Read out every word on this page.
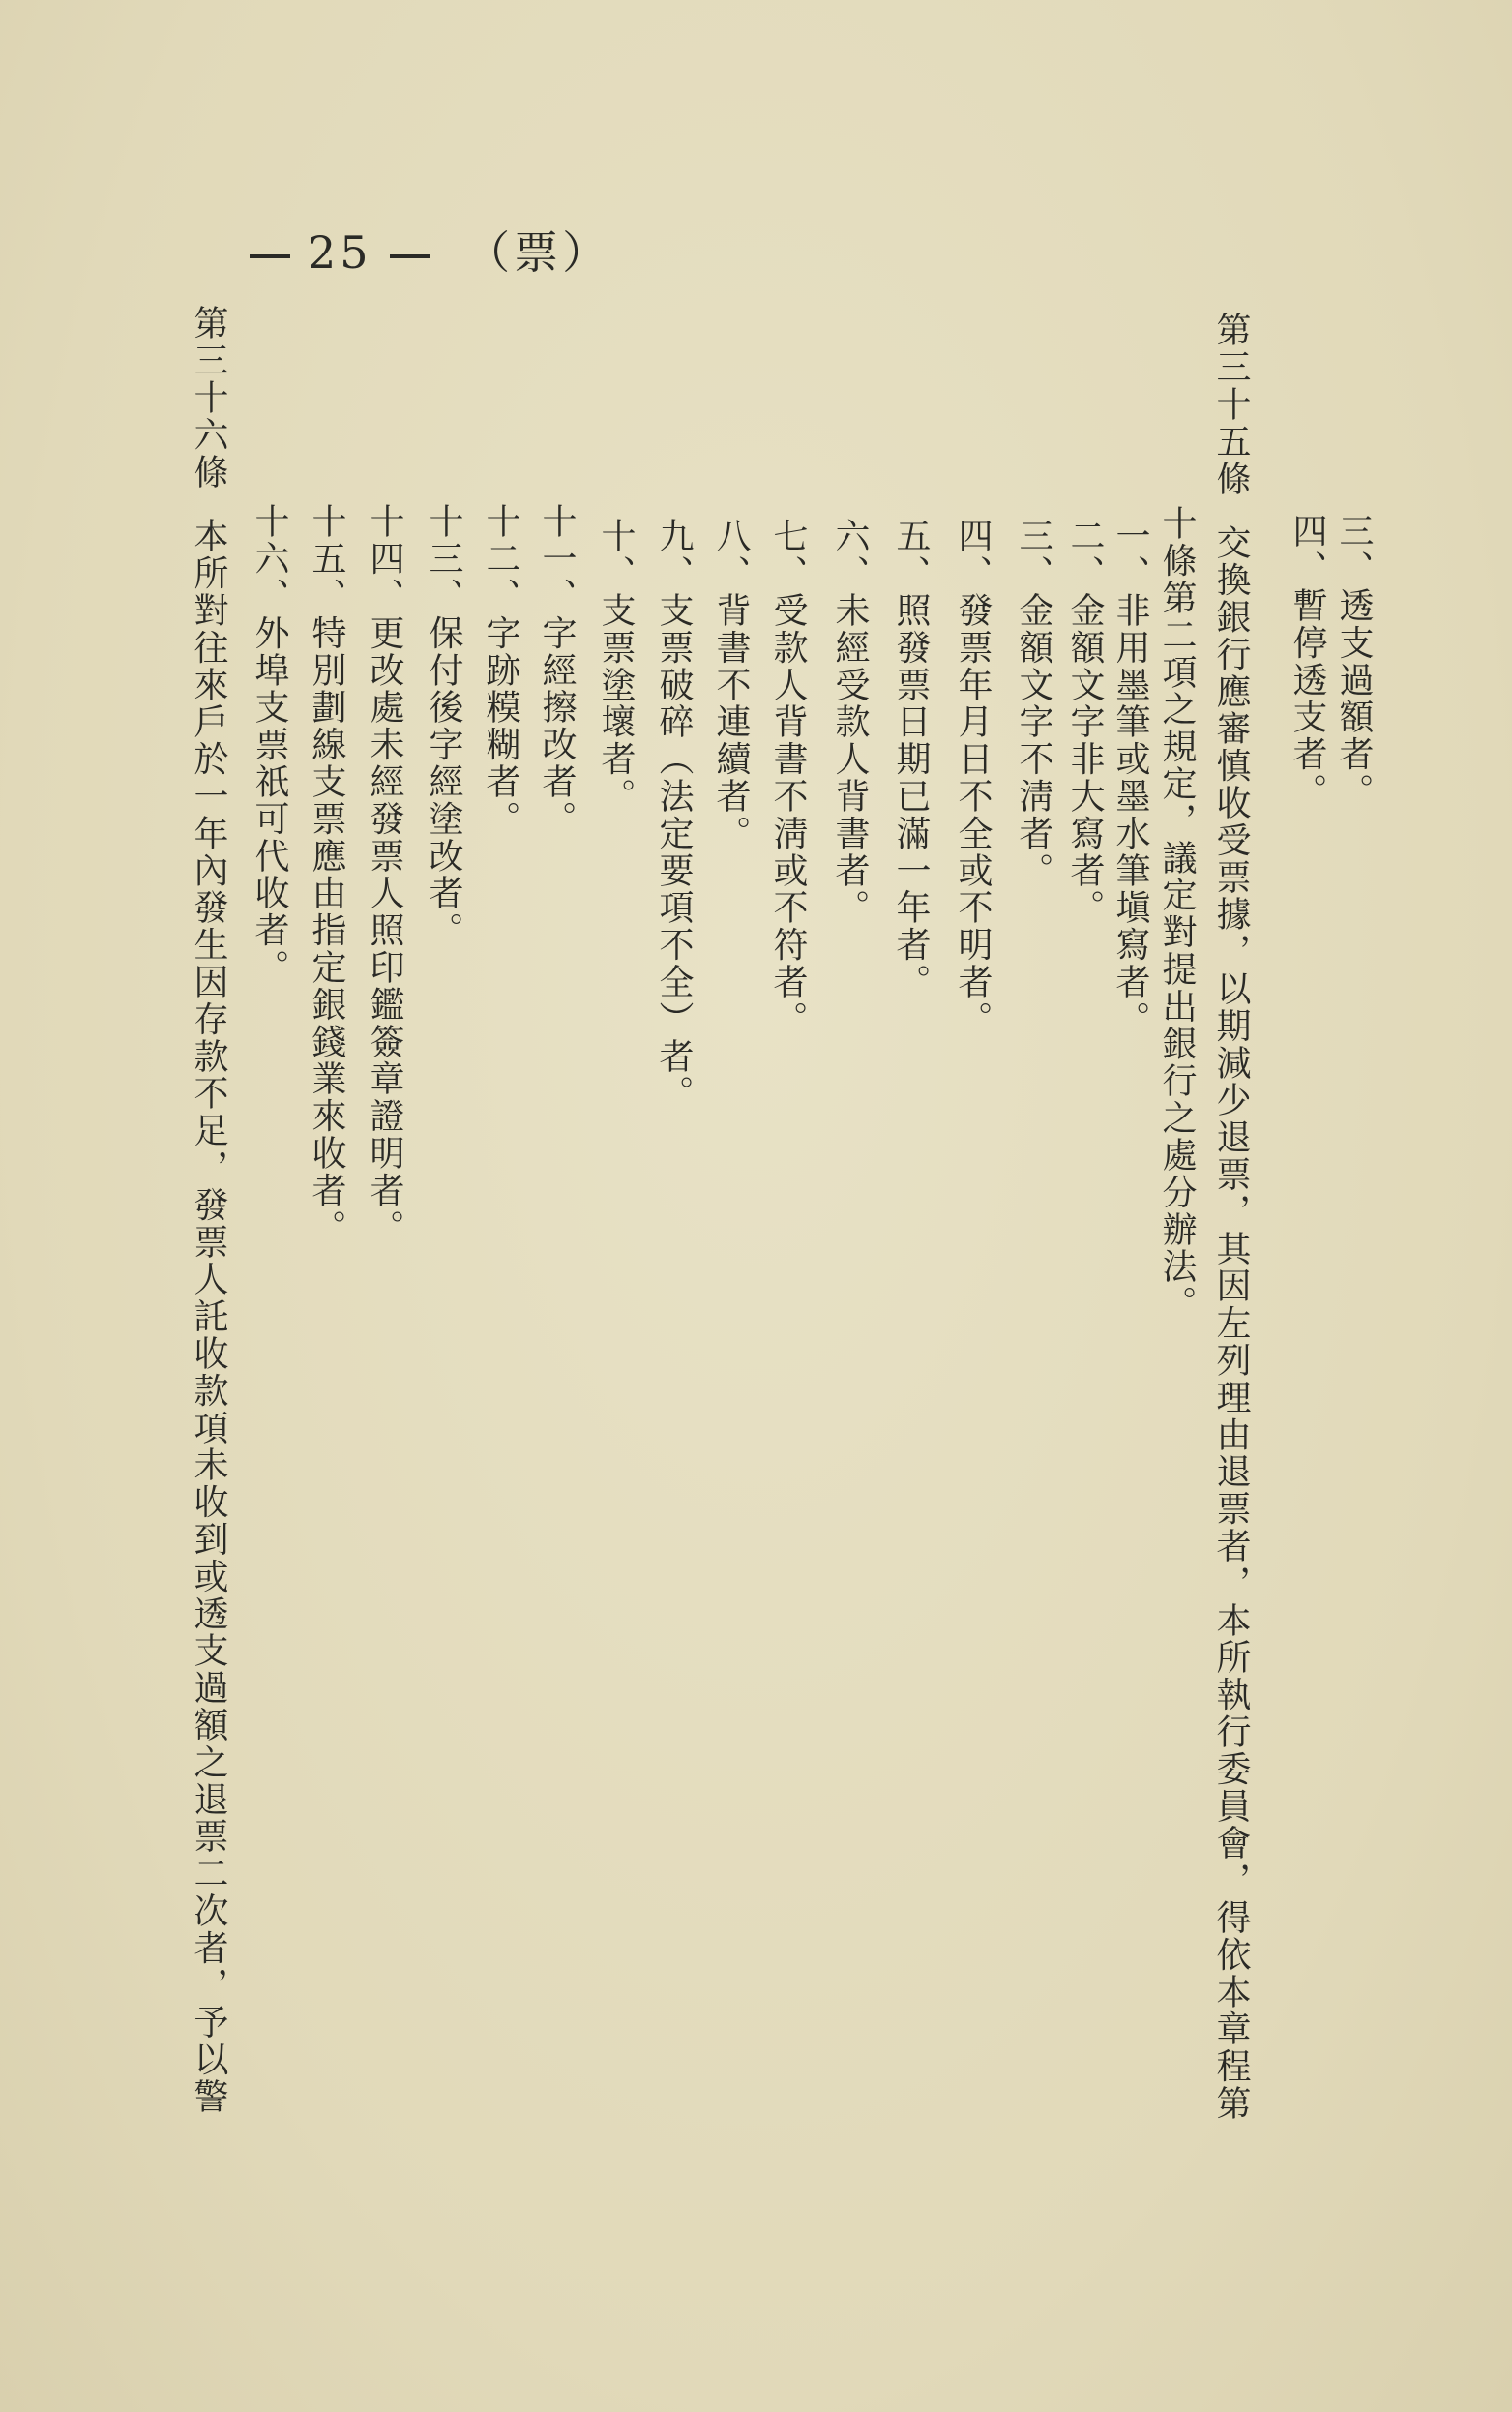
25 （票）
三、透支過額者。
四、暫停透支者。
第三十五條交換銀行應審慎收受票據，以期減少退票，其因左列理由退票者，本所執行委員會，得依本章程第
十條第二項之規定，議定對提出銀行之處分辦法。
一、非用墨筆或墨水筆塡寫者。
二、金額文字非大寫者。
三、金額文字不淸者。
四、發票年月日不全或不明者。
五、照發票日期已滿一年者。
六、未經受款人背書者。
七、受款人背書不淸或不符者。
八、背書不連續者。
九、支票破碎（法定要項不全）者。
十、支票塗壞者。
十一、字經擦改者。
十二、字跡糢糊者。
十三、保付後字經塗改者。
十四、更改處未經發票人照印鑑簽章證明者。
十五、特別劃線支票應由指定銀錢業來收者。
十六、外埠支票祇可代收者。
第三十六條本所對往來戶於一年內發生因存款不足，發票人託收款項未收到或透支過額之退票二次者，予以警
